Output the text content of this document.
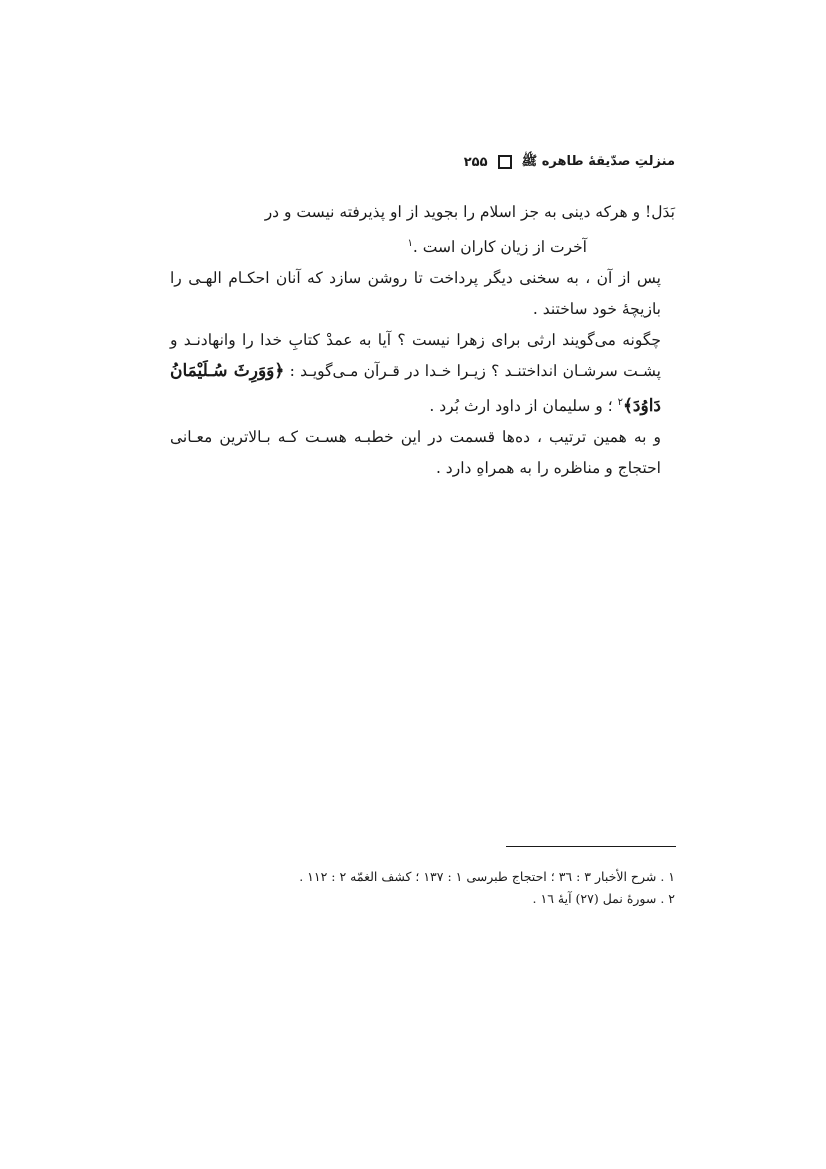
منزلتِ صدّیقهٔ طاهره ﷺ
۲۵۵

بَدَل! و هرکه دینی به جز اسلام را بجوید از او پذیرفته نیست و در

آخرت از زیان کاران است .$^۱$

پس از آن ، به سخنی دیگر پرداخت تا روشن سازد که آنان احکـام الهـی را بازیچهٔ خود ساختند .

چگونه می‌گویند ارثی برای زهرا نیست ؟ آیا به عمدْ کتابِ خدا را وانهادنـد و پشـت سرشـان انداختنـد ؟ زیـرا خـدا در قـرآن مـی‌گویـد : ﴿وَوَرِثَ سُـلَيْمَانُ دَاوُدَ﴾$^۲$ ؛ و سلیمان از داود ارث بُرد .

و به همین ترتیب ، ده‌ها قسمت در این خطبـه هسـت کـه بـالاترین معـانی احتجاج و مناظره را به همراهِ دارد .

۱ . شرح الأخبار ۳ : ۳٦ ؛ احتجاج طبرسی ۱ : ۱۳۷ ؛ کشف الغمّه ۲ : ۱۱۲ .
۲ . سورهٔ نمل (۲۷) آیهٔ ۱٦ .
